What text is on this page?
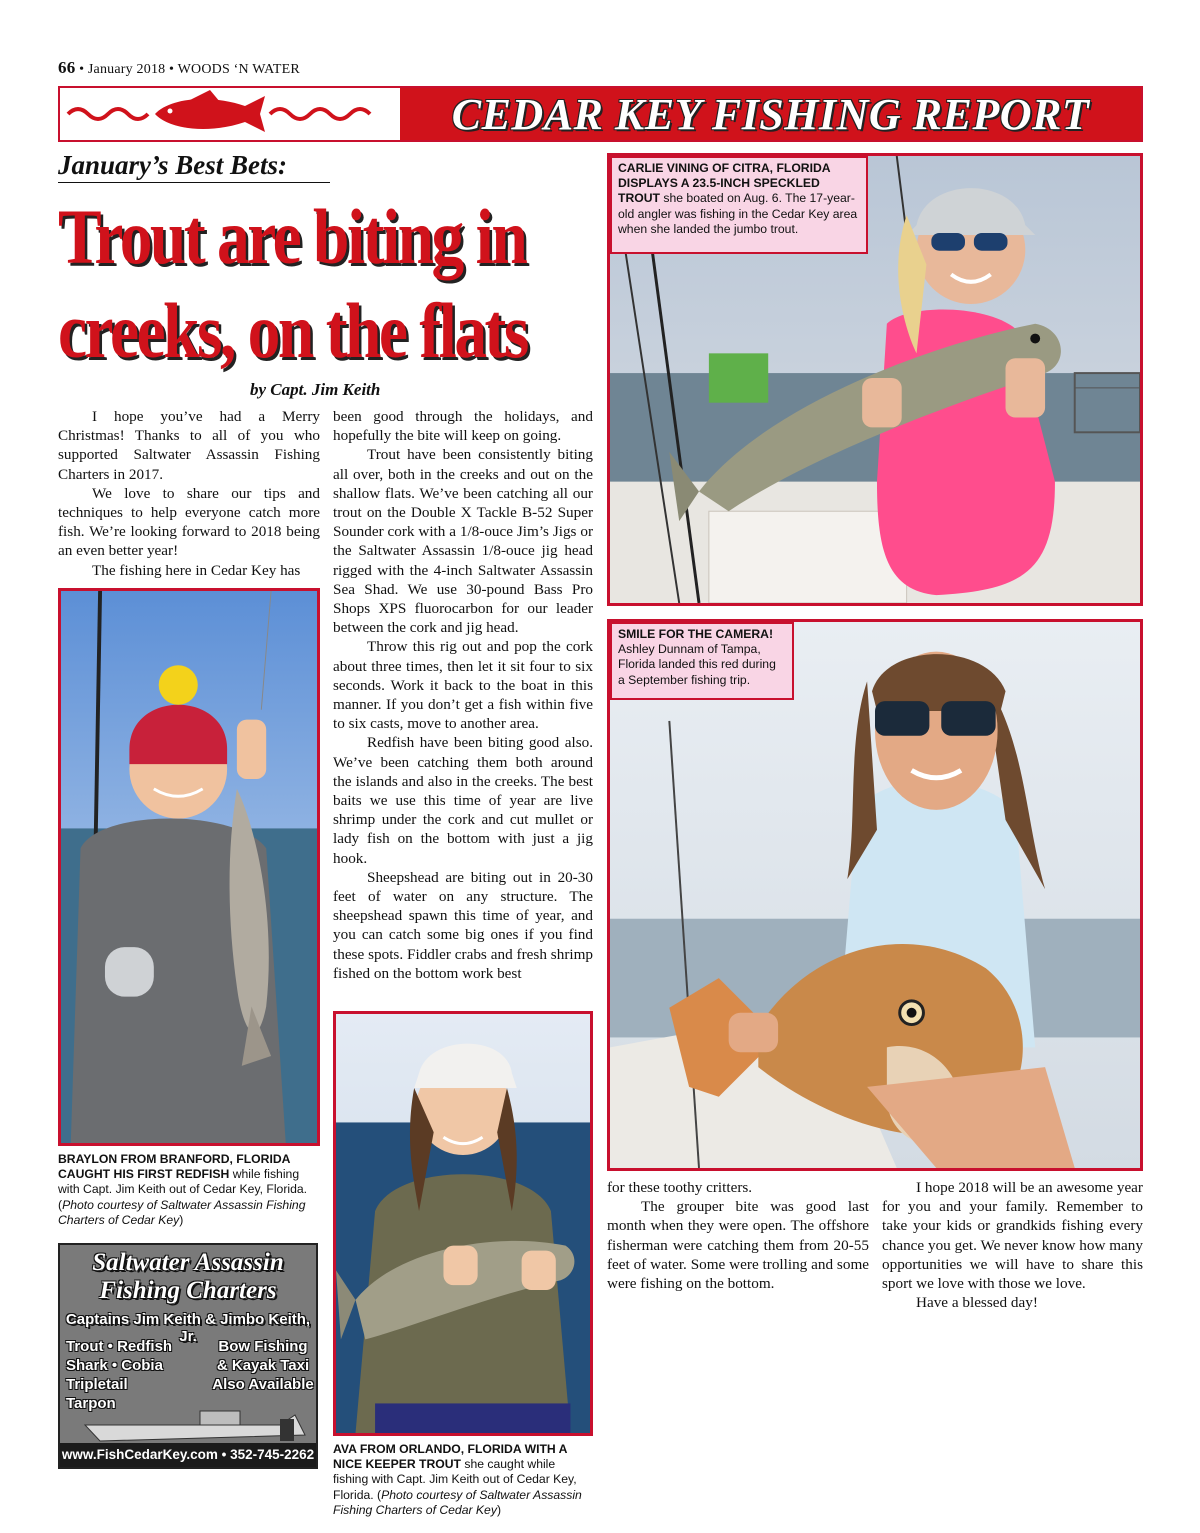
66 • January 2018 • WOODS ‘N WATER
CEDAR KEY FISHING REPORT
January’s Best Bets:
Trout are biting in
creeks, on the flats
by Capt. Jim Keith

I hope you’ve had a Merry Christmas! Thanks to all of you who supported Saltwater Assassin Fishing Charters in 2017.

We love to share our tips and techniques to help everyone catch more fish. We’re looking forward to 2018 being an even better year!

The fishing here in Cedar Key has

been good through the holidays, and hopefully the bite will keep on going.

Trout have been consistently biting all over, both in the creeks and out on the shallow flats. We’ve been catching all our trout on the Double X Tackle B-52 Super Sounder cork with a 1/8-ouce Jim’s Jigs or the Saltwater Assassin 1/8-ouce jig head rigged with the 4-inch Saltwater Assassin Sea Shad. We use 30-pound Bass Pro Shops XPS fluorocarbon for our leader between the cork and jig head.

Throw this rig out and pop the cork about three times, then let it sit four to six seconds. Work it back to the boat in this manner. If you don’t get a fish within five to six casts, move to another area.

Redfish have been biting good also. We’ve been catching them both around the islands and also in the creeks. The best baits we use this time of year are live shrimp under the cork and cut mullet or lady fish on the bottom with just a jig hook.

Sheepshead are biting out in 20-30 feet of water on any structure. The sheepshead spawn this time of year, and you can catch some big ones if you find these spots. Fiddler crabs and fresh shrimp fished on the bottom work best

CARLIE VINING OF CITRA, FLORIDA DISPLAYS A 23.5-INCH SPECKLED TROUT she boated on Aug. 6. The 17-year-old angler was fishing in the Cedar Key area when she landed the jumbo trout.
SMILE FOR THE CAMERA!
Ashley Dunnam of Tampa, Florida landed this red during a September fishing trip.
BRAYLON FROM BRANFORD, FLORIDA CAUGHT HIS FIRST REDFISH while fishing with Capt. Jim Keith out of Cedar Key, Florida. (Photo courtesy of Saltwater Assassin Fishing Charters of Cedar Key)
AVA FROM ORLANDO, FLORIDA WITH A NICE KEEPER TROUT she caught while fishing with Capt. Jim Keith out of Cedar Key, Florida. (Photo courtesy of Saltwater Assassin Fishing Charters of Cedar Key)

for these toothy critters.

The grouper bite was good last month when they were open. The offshore fisherman were catching them from 20-55 feet of water. Some were trolling and some were fishing on the bottom.

I hope 2018 will be an awesome year for you and your family. Remember to take your kids or grandkids fishing every chance you get. We never know how many opportunities we will have to share this sport we love with those we love.

Have a blessed day!

Saltwater Assassin
Fishing Charters
Captains Jim Keith & Jimbo Keith, Jr.
Trout • Redfish
Shark • Cobia
Tripletail
Tarpon
Bow Fishing
& Kayak Taxi
Also Available
www.FishCedarKey.com • 352-745-2262
